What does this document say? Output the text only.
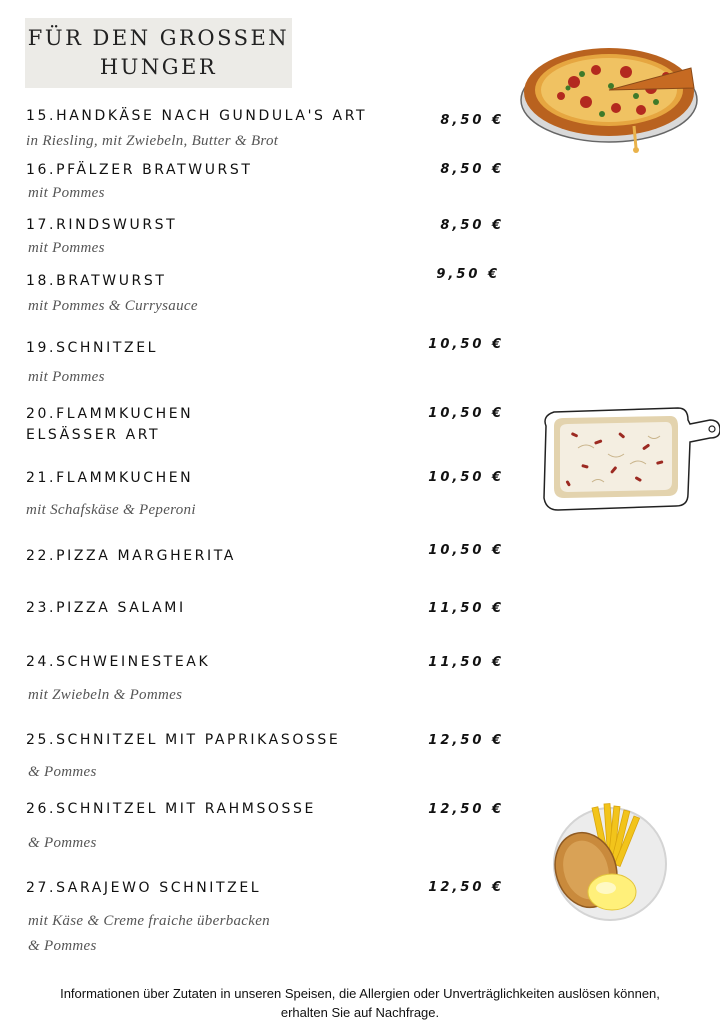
FÜR DEN GROSSEN
HUNGER
15.HANDKÄSE NACH GUNDULA'S ART
in Riesling, mit Zwiebeln, Butter & Brot
8,50 €
16.PFÄLZER BRATWURST
mit Pommes
8,50 €
17.RINDSWURST
mit Pommes
8,50 €
18.BRATWURST
mit Pommes & Currysauce
9,50 €
19.SCHNITZEL
mit Pommes
10,50 €
20.FLAMMKUCHEN
ELSÄSSER ART
10,50 €
21.FLAMMKUCHEN
mit Schafskäse & Peperoni
10,50 €
22.PIZZA MARGHERITA	10,50 €
23.PIZZA SALAMI	11,50 €
24.SCHWEINESTEAK
mit Zwiebeln & Pommes
11,50 €
25.SCHNITZEL MIT PAPRIKASOSSE
& Pommes
12,50 €
26.SCHNITZEL MIT RAHMSOSSE
& Pommes
12,50 €
27.SARAJEWO SCHNITZEL
mit Käse & Creme fraiche überbacken
& Pommes
12,50 €
Informationen über Zutaten in unseren Speisen, die Allergien oder Unverträglichkeiten auslösen können,
erhalten Sie auf Nachfrage.
